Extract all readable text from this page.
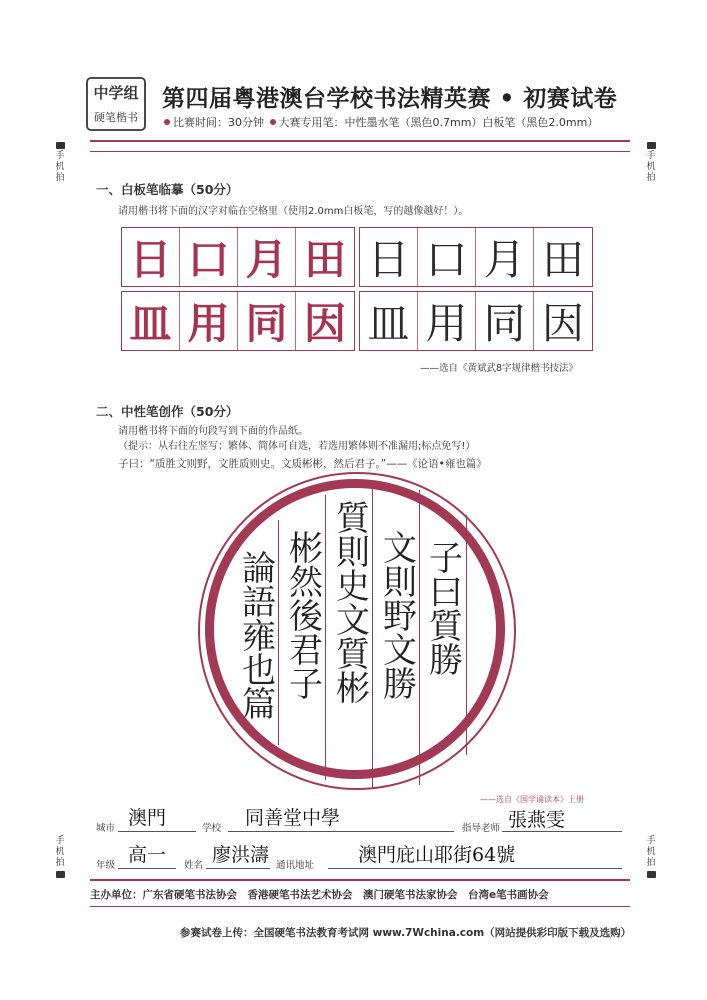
中学组
硬笔楷书
第四届粤港澳台学校书法精英赛 • 初赛试卷
比赛时间：30分钟 大赛专用笔：中性墨水笔（黑色0.7mm）白板笔（黑色2.0mm）
手机拍
手机拍
手机拍
手机拍
一、白板笔临摹（50分）
请用楷书将下面的汉字对临在空格里（使用2.0mm白板笔，写的越像越好！）。
日 口 月 田 日 口 月 田
皿 用 同 因 皿 用 同 因
——选自《黄斌武8字规律楷书技法》
二、中性笔创作（50分）
请用楷书将下面的句段写到下面的作品纸。
（提示：从右往左竖写；繁体、简体可自选，若选用繁体则不准漏用;标点免写!）
子曰：“质胜文则野，文胜质则史。文质彬彬，然后君子。”——《论语•雍也篇》
子曰質勝
文則野文勝
質則史文質彬
彬然後君子
論語雍也篇
——选自《国学诵读本》上册
城市 澳門	学校 同善堂中學	指导老师 張燕雯
年级 高一 姓名 廖洪濤 通讯地址 澳門庇山耶街64號
主办单位：广东省硬笔书法协会　香港硬笔书法艺术协会　澳门硬笔书法家协会　台湾e笔书画协会
参赛试卷上传：全国硬笔书法教育考试网 www.7Wchina.com（网站提供彩印版下载及选购）
